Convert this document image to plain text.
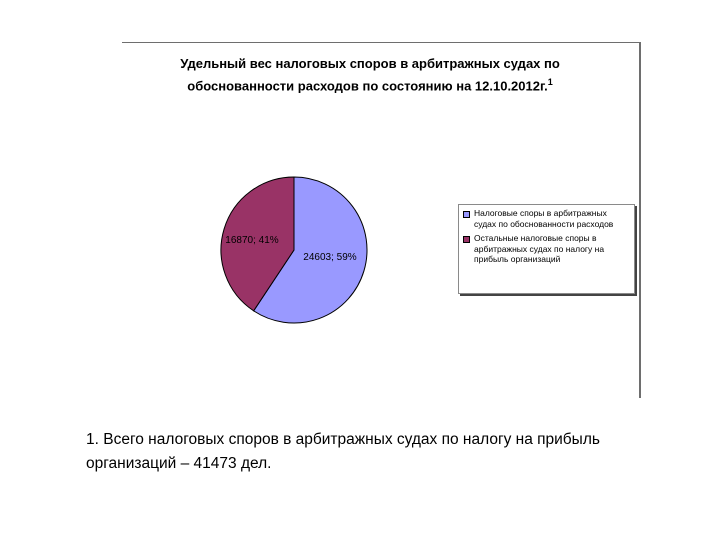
Удельный вес налоговых споров в арбитражных судах по
обоснованности расходов по состоянию на 12.10.2012г.$^1$
24603; 59%
16870; 41%
Налоговые споры в арбитражных судах по обоснованности расходов
Остальные налоговые споры в арбитражных судах по налогу на прибыль организаций
1. Всего налоговых споров в арбитражных судах по налогу на прибыль организаций – 41473 дел.
